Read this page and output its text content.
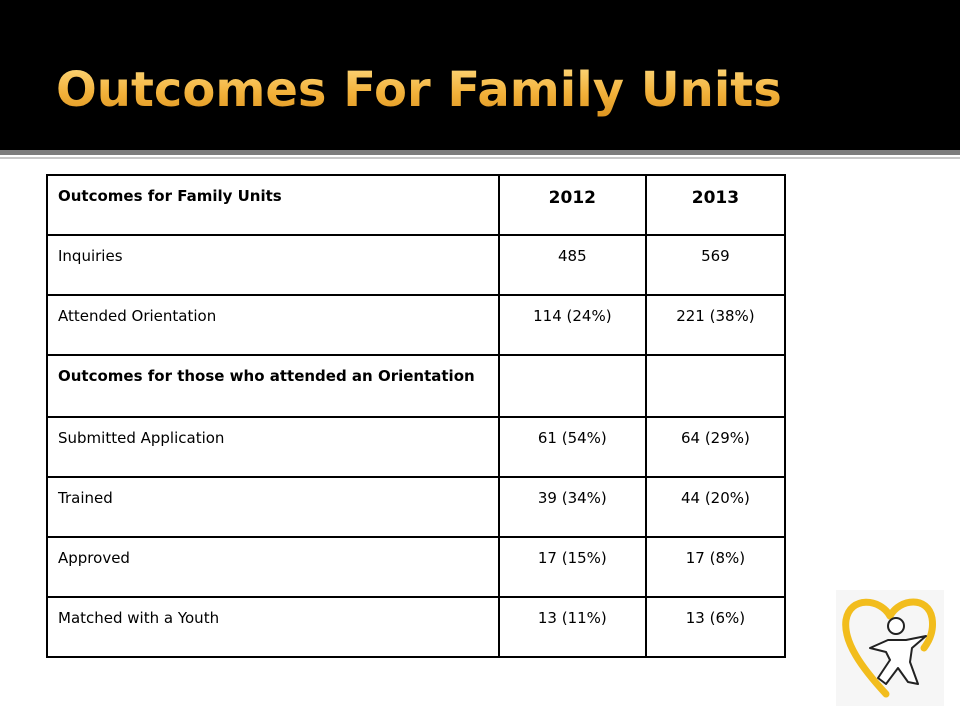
Outcomes For Family Units
Outcomes for Family Units	2012	2013

Inquiries	485	569

Attended Orientation	114 (24%)	221 (38%)

Outcomes for those who attended an Orientation		

Submitted Application	61 (54%)	64 (29%)

Trained	39 (34%)	44 (20%)

Approved	17 (15%)	17 (8%)

Matched with a Youth	13 (11%)	13 (6%)
